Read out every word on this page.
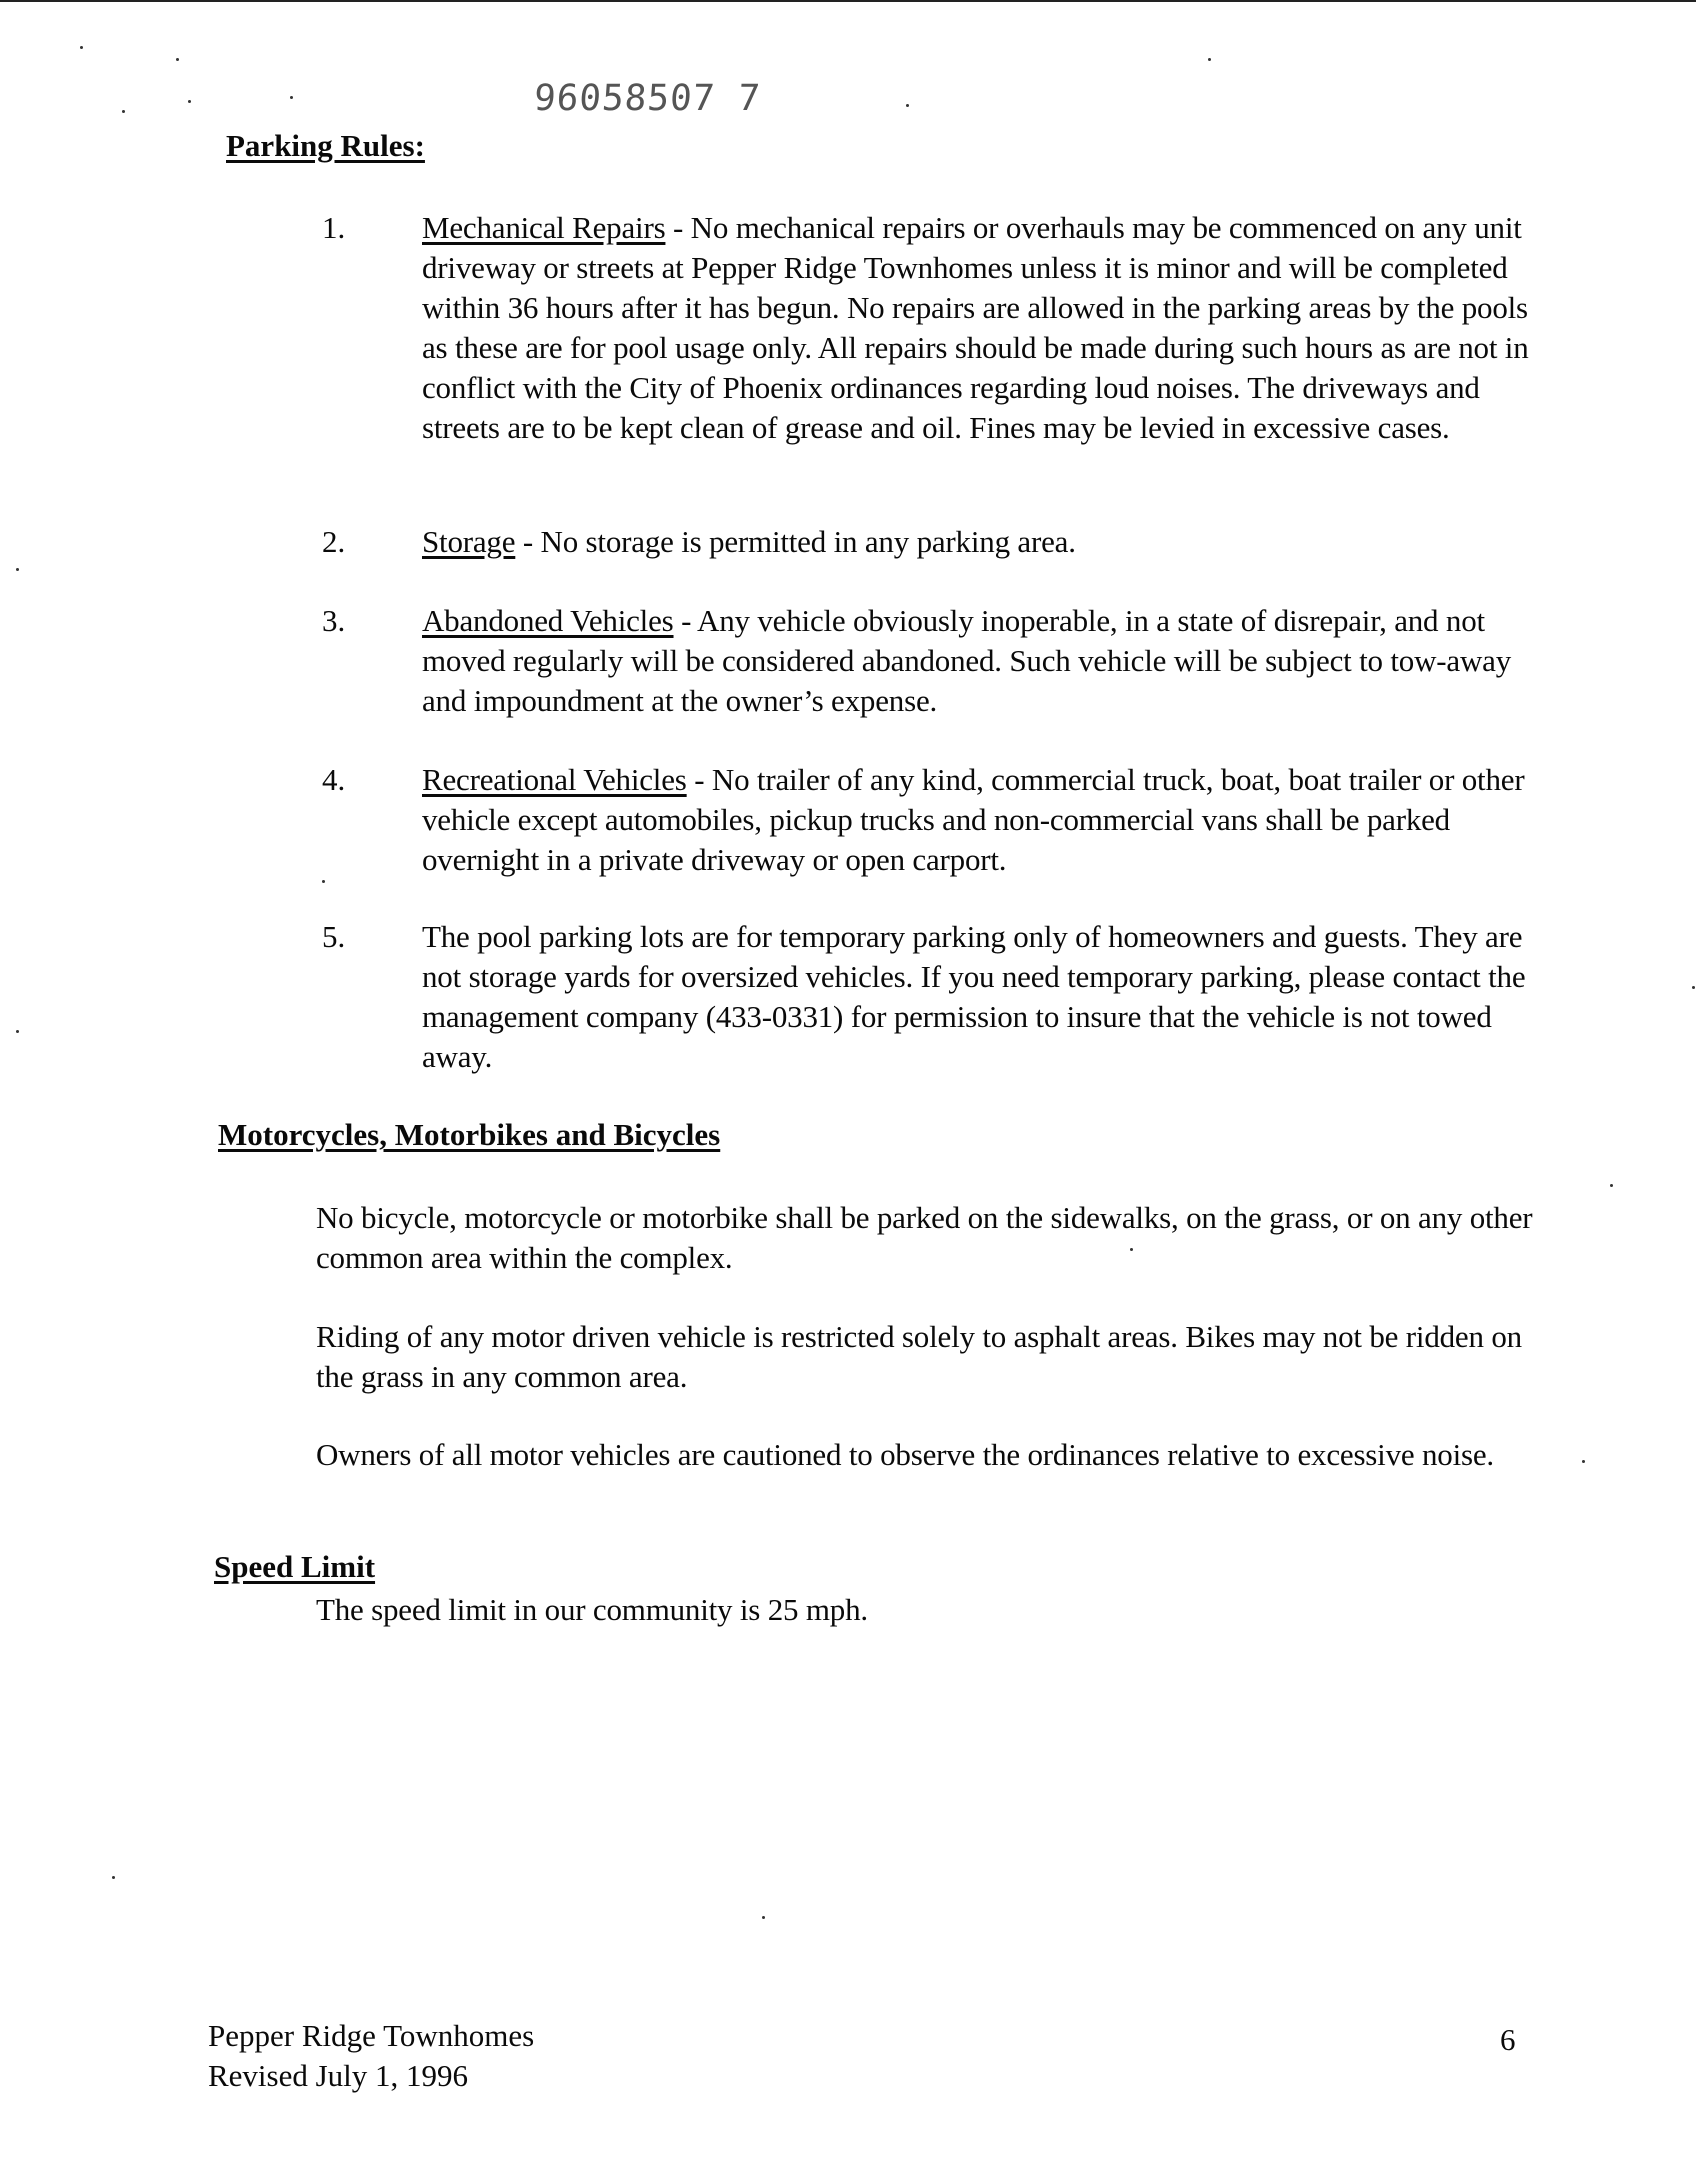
96058507 7
Parking Rules:
1. Mechanical Repairs - No mechanical repairs or overhauls may be commenced on any unit driveway or streets at Pepper Ridge Townhomes unless it is minor and will be completed within 36 hours after it has begun. No repairs are allowed in the parking areas by the pools as these are for pool usage only. All repairs should be made during such hours as are not in conflict with the City of Phoenix ordinances regarding loud noises. The driveways and streets are to be kept clean of grease and oil. Fines may be levied in excessive cases.
2. Storage - No storage is permitted in any parking area.
3. Abandoned Vehicles - Any vehicle obviously inoperable, in a state of disrepair, and not moved regularly will be considered abandoned. Such vehicle will be subject to tow-away and impoundment at the owner’s expense.
4. Recreational Vehicles - No trailer of any kind, commercial truck, boat, boat trailer or other vehicle except automobiles, pickup trucks and non-commercial vans shall be parked overnight in a private driveway or open carport.
5. The pool parking lots are for temporary parking only of homeowners and guests. They are not storage yards for oversized vehicles. If you need temporary parking, please contact the management company (433-0331) for permission to insure that the vehicle is not towed away.
Motorcycles, Motorbikes and Bicycles
No bicycle, motorcycle or motorbike shall be parked on the sidewalks, on the grass, or on any other common area within the complex.
Riding of any motor driven vehicle is restricted solely to asphalt areas. Bikes may not be ridden on the grass in any common area.
Owners of all motor vehicles are cautioned to observe the ordinances relative to excessive noise.
Speed Limit
The speed limit in our community is 25 mph.
Pepper Ridge Townhomes
Revised July 1, 1996
6
